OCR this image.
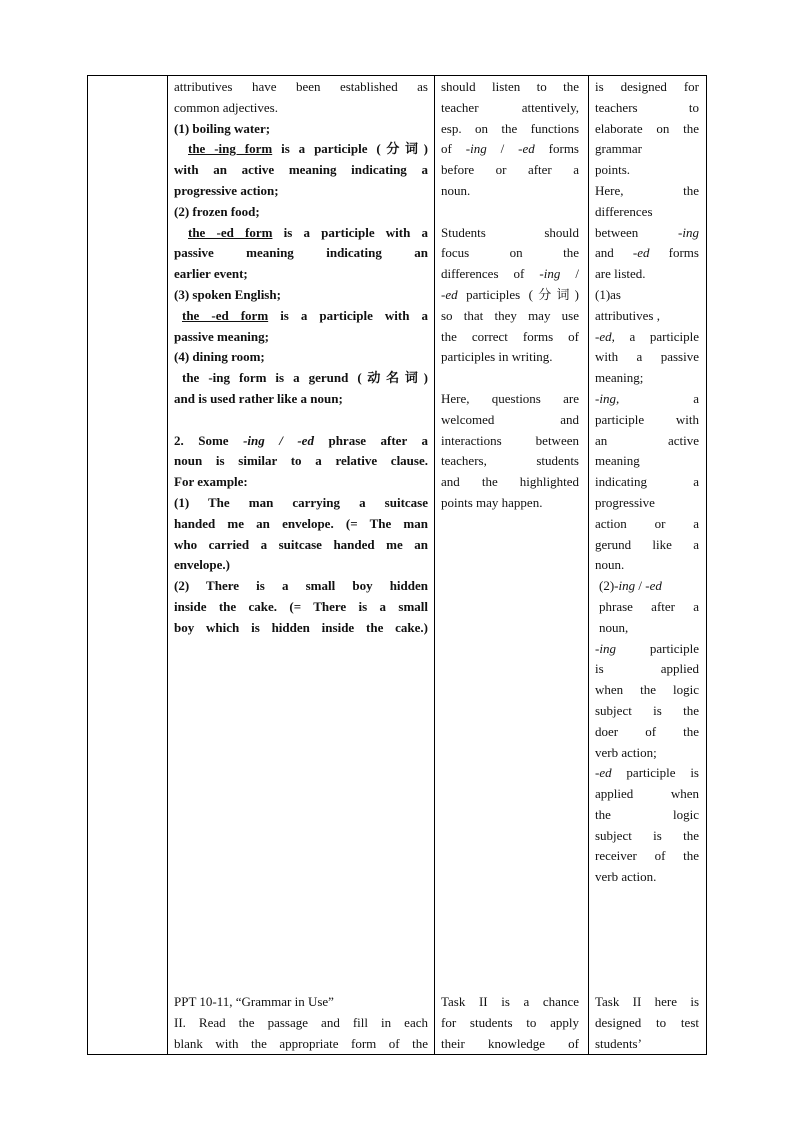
attributives have been established as

common adjectives.

(1) boiling water;

the -ing form is a participle (分词)

with an active meaning indicating a

progressive action;

(2) frozen food;

the -ed form is a participle with a

passive meaning indicating an

earlier event;

(3) spoken English;

the -ed form is a participle with a

passive meaning;

(4) dining room;

the -ing form is a gerund (动名词)

and is used rather like a noun;

2. Some -ing / -ed phrase after a

noun is similar to a relative clause.

For example:

(1) The man carrying a suitcase

handed me an envelope. (= The man

who carried a suitcase handed me an

envelope.)

(2) There is a small boy hidden

inside the cake. (= There is a small

boy which is hidden inside the cake.)

PPT 10-11, “Grammar in Use”

II. Read the passage and fill in each

blank with the appropriate form of the

should listen to the

teacher attentively,

esp. on the functions

of -ing / -ed forms

before or after a

noun.

Students should

focus on the

differences of -ing /

-ed participles (分词)

so that they may use

the correct forms of

participles in writing.

Here, questions are

welcomed and

interactions between

teachers, students

and the highlighted

points may happen.

Task II is a chance

for students to apply

their knowledge of

is designed for

teachers to

elaborate on the

grammar

points.

Here, the

differences

between -ing

and -ed forms

are listed.

(1)as

attributives ,

-ed, a participle

with a passive

meaning;

-ing, a

participle with

an active

meaning

indicating a

progressive

action or a

gerund like a

noun.

(2)-ing / -ed

phrase after a

noun,

-ing participle

is applied

when the logic

subject is the

doer of the

verb action;

-ed participle is

applied when

the logic

subject is the

receiver of the

verb action.

Task II here is

designed to test

students’
